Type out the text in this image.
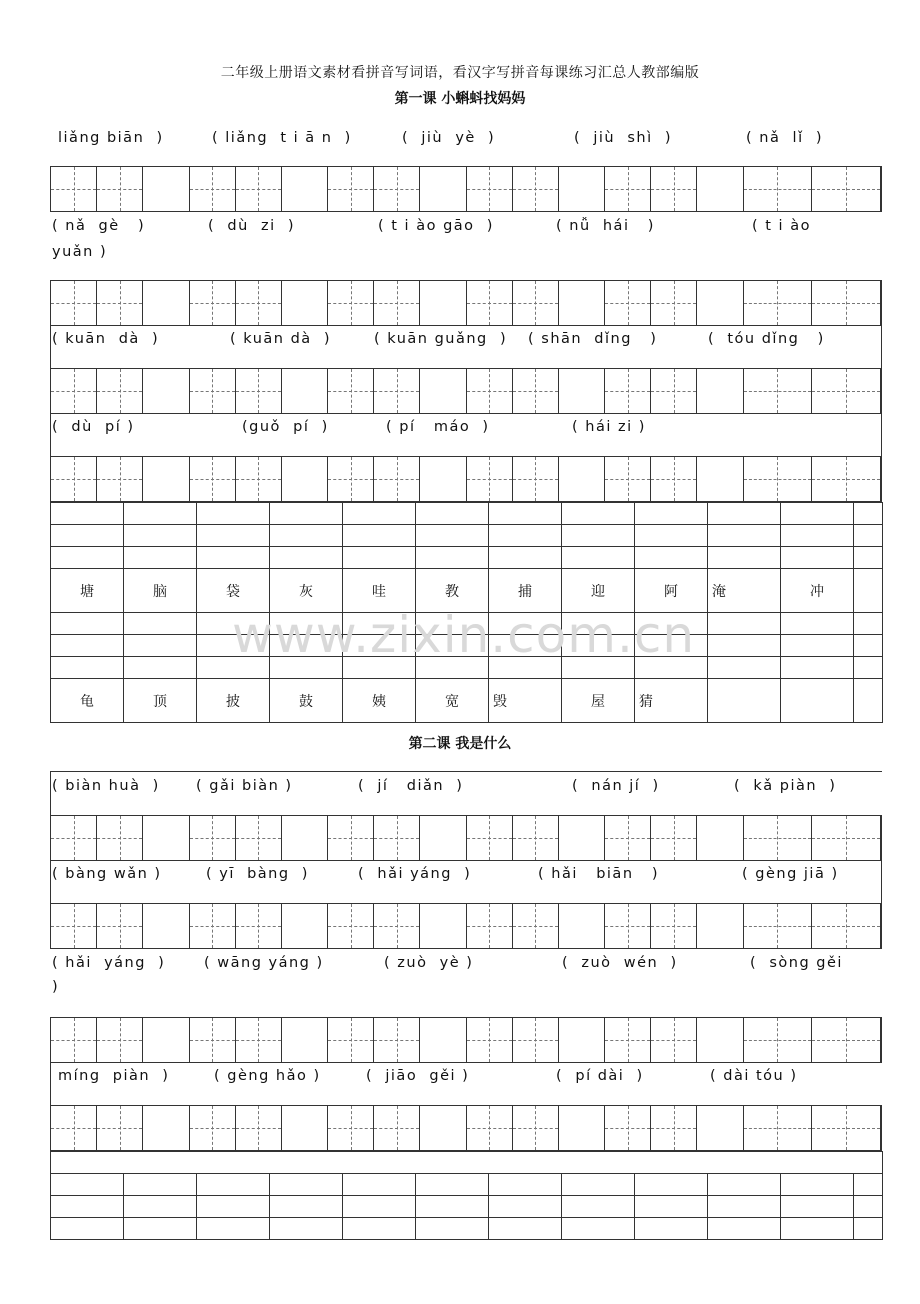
二年级上册语文素材看拼音写词语，看汉字写拼音每课练习汇总人教部编版
第一课 小蝌蚪找妈妈
liǎng biān  )	( liǎng  t i ā n  )	(  jiù  yè  )	(  jiù  shì  )	( nǎ  lǐ  )
( nǎ  gè   )	(  dù  zi  )	( t i ào gāo  )	( nǚ  hái   )	( t i ào
yuǎn )
( kuān  dà  )	( kuān dà  )	( kuān guǎng  ) ( shān  dǐng   )	(  tóu dǐng   )
(  dù  pí )	(guǒ  pí  )	( pí   máo  )	( hái zi )

塘	脑	袋	灰	哇	教	捕	迎	阿	淹	冲	

龟	顶	披	鼓	姨	宽	毁	屋	猜			
第二课 我是什么
( biàn huà  ) ( gǎi biàn )	(  jí   diǎn  )	(  nán jí  )	(  kǎ piàn  )
( bàng wǎn )	( yī  bàng  )	(  hǎi yáng  )	( hǎi   biān   )	( gèng jiā )
( hǎi  yáng  )	( wāng yáng )	( zuò  yè )	(  zuò  wén  )	(  sòng gěi
)
míng  piàn  )	( gèng hǎo )	(  jiāo  gěi )	(  pí dài  )	( dài tóu )

www.zixin.com.cn
